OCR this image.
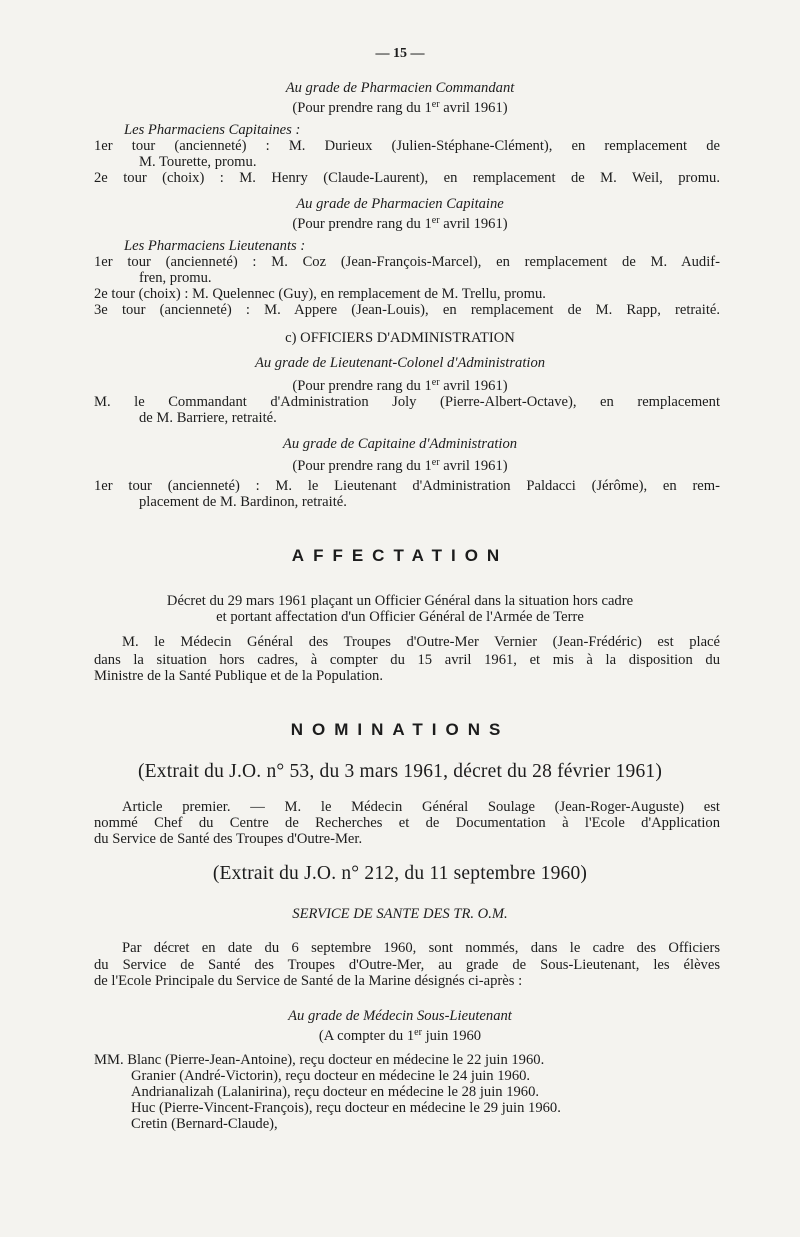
— 15 —
Au grade de Pharmacien Commandant
(Pour prendre rang du 1er avril 1961)
Les Pharmaciens Capitaines :
1er tour (ancienneté) : M. Durieux (Julien-Stéphane-Clément), en remplacement de
M. Tourette, promu.
2e tour (choix) : M. Henry (Claude-Laurent), en remplacement de M. Weil, promu.
Au grade de Pharmacien Capitaine
(Pour prendre rang du 1er avril 1961)
Les Pharmaciens Lieutenants :
1er tour (ancienneté) : M. Coz (Jean-François-Marcel), en remplacement de M. Audif-
fren, promu.
2e tour (choix) : M. Quelennec (Guy), en remplacement de M. Trellu, promu.
3e tour (ancienneté) : M. Appere (Jean-Louis), en remplacement de M. Rapp, retraité.
c) OFFICIERS D'ADMINISTRATION
Au grade de Lieutenant-Colonel d'Administration
(Pour prendre rang du 1er avril 1961)
M. le Commandant d'Administration Joly (Pierre-Albert-Octave), en remplacement
de M. Barriere, retraité.
Au grade de Capitaine d'Administration
(Pour prendre rang du 1er avril 1961)
1er tour (ancienneté) : M. le Lieutenant d'Administration Paldacci (Jérôme), en rem-
placement de M. Bardinon, retraité.
AFFECTATION
Décret du 29 mars 1961 plaçant un Officier Général dans la situation hors cadre
et portant affectation d'un Officier Général de l'Armée de Terre
M. le Médecin Général des Troupes d'Outre-Mer Vernier (Jean-Frédéric) est placé
dans la situation hors cadres, à compter du 15 avril 1961, et mis à la disposition du
Ministre de la Santé Publique et de la Population.
NOMINATIONS
(Extrait du J.O. n° 53, du 3 mars 1961, décret du 28 février 1961)
Article premier. — M. le Médecin Général Soulage (Jean-Roger-Auguste) est
nommé Chef du Centre de Recherches et de Documentation à l'Ecole d'Application
du Service de Santé des Troupes d'Outre-Mer.
(Extrait du J.O. n° 212, du 11 septembre 1960)
SERVICE DE SANTE DES TR. O.M.
Par décret en date du 6 septembre 1960, sont nommés, dans le cadre des Officiers
du Service de Santé des Troupes d'Outre-Mer, au grade de Sous-Lieutenant, les élèves
de l'Ecole Principale du Service de Santé de la Marine désignés ci-après :
Au grade de Médecin Sous-Lieutenant
(A compter du 1er juin 1960
MM. Blanc (Pierre-Jean-Antoine), reçu docteur en médecine le 22 juin 1960.
Granier (André-Victorin), reçu docteur en médecine le 24 juin 1960.
Andrianalizah (Lalanirina), reçu docteur en médecine le 28 juin 1960.
Huc (Pierre-Vincent-François), reçu docteur en médecine le 29 juin 1960.
Cretin (Bernard-Claude),
